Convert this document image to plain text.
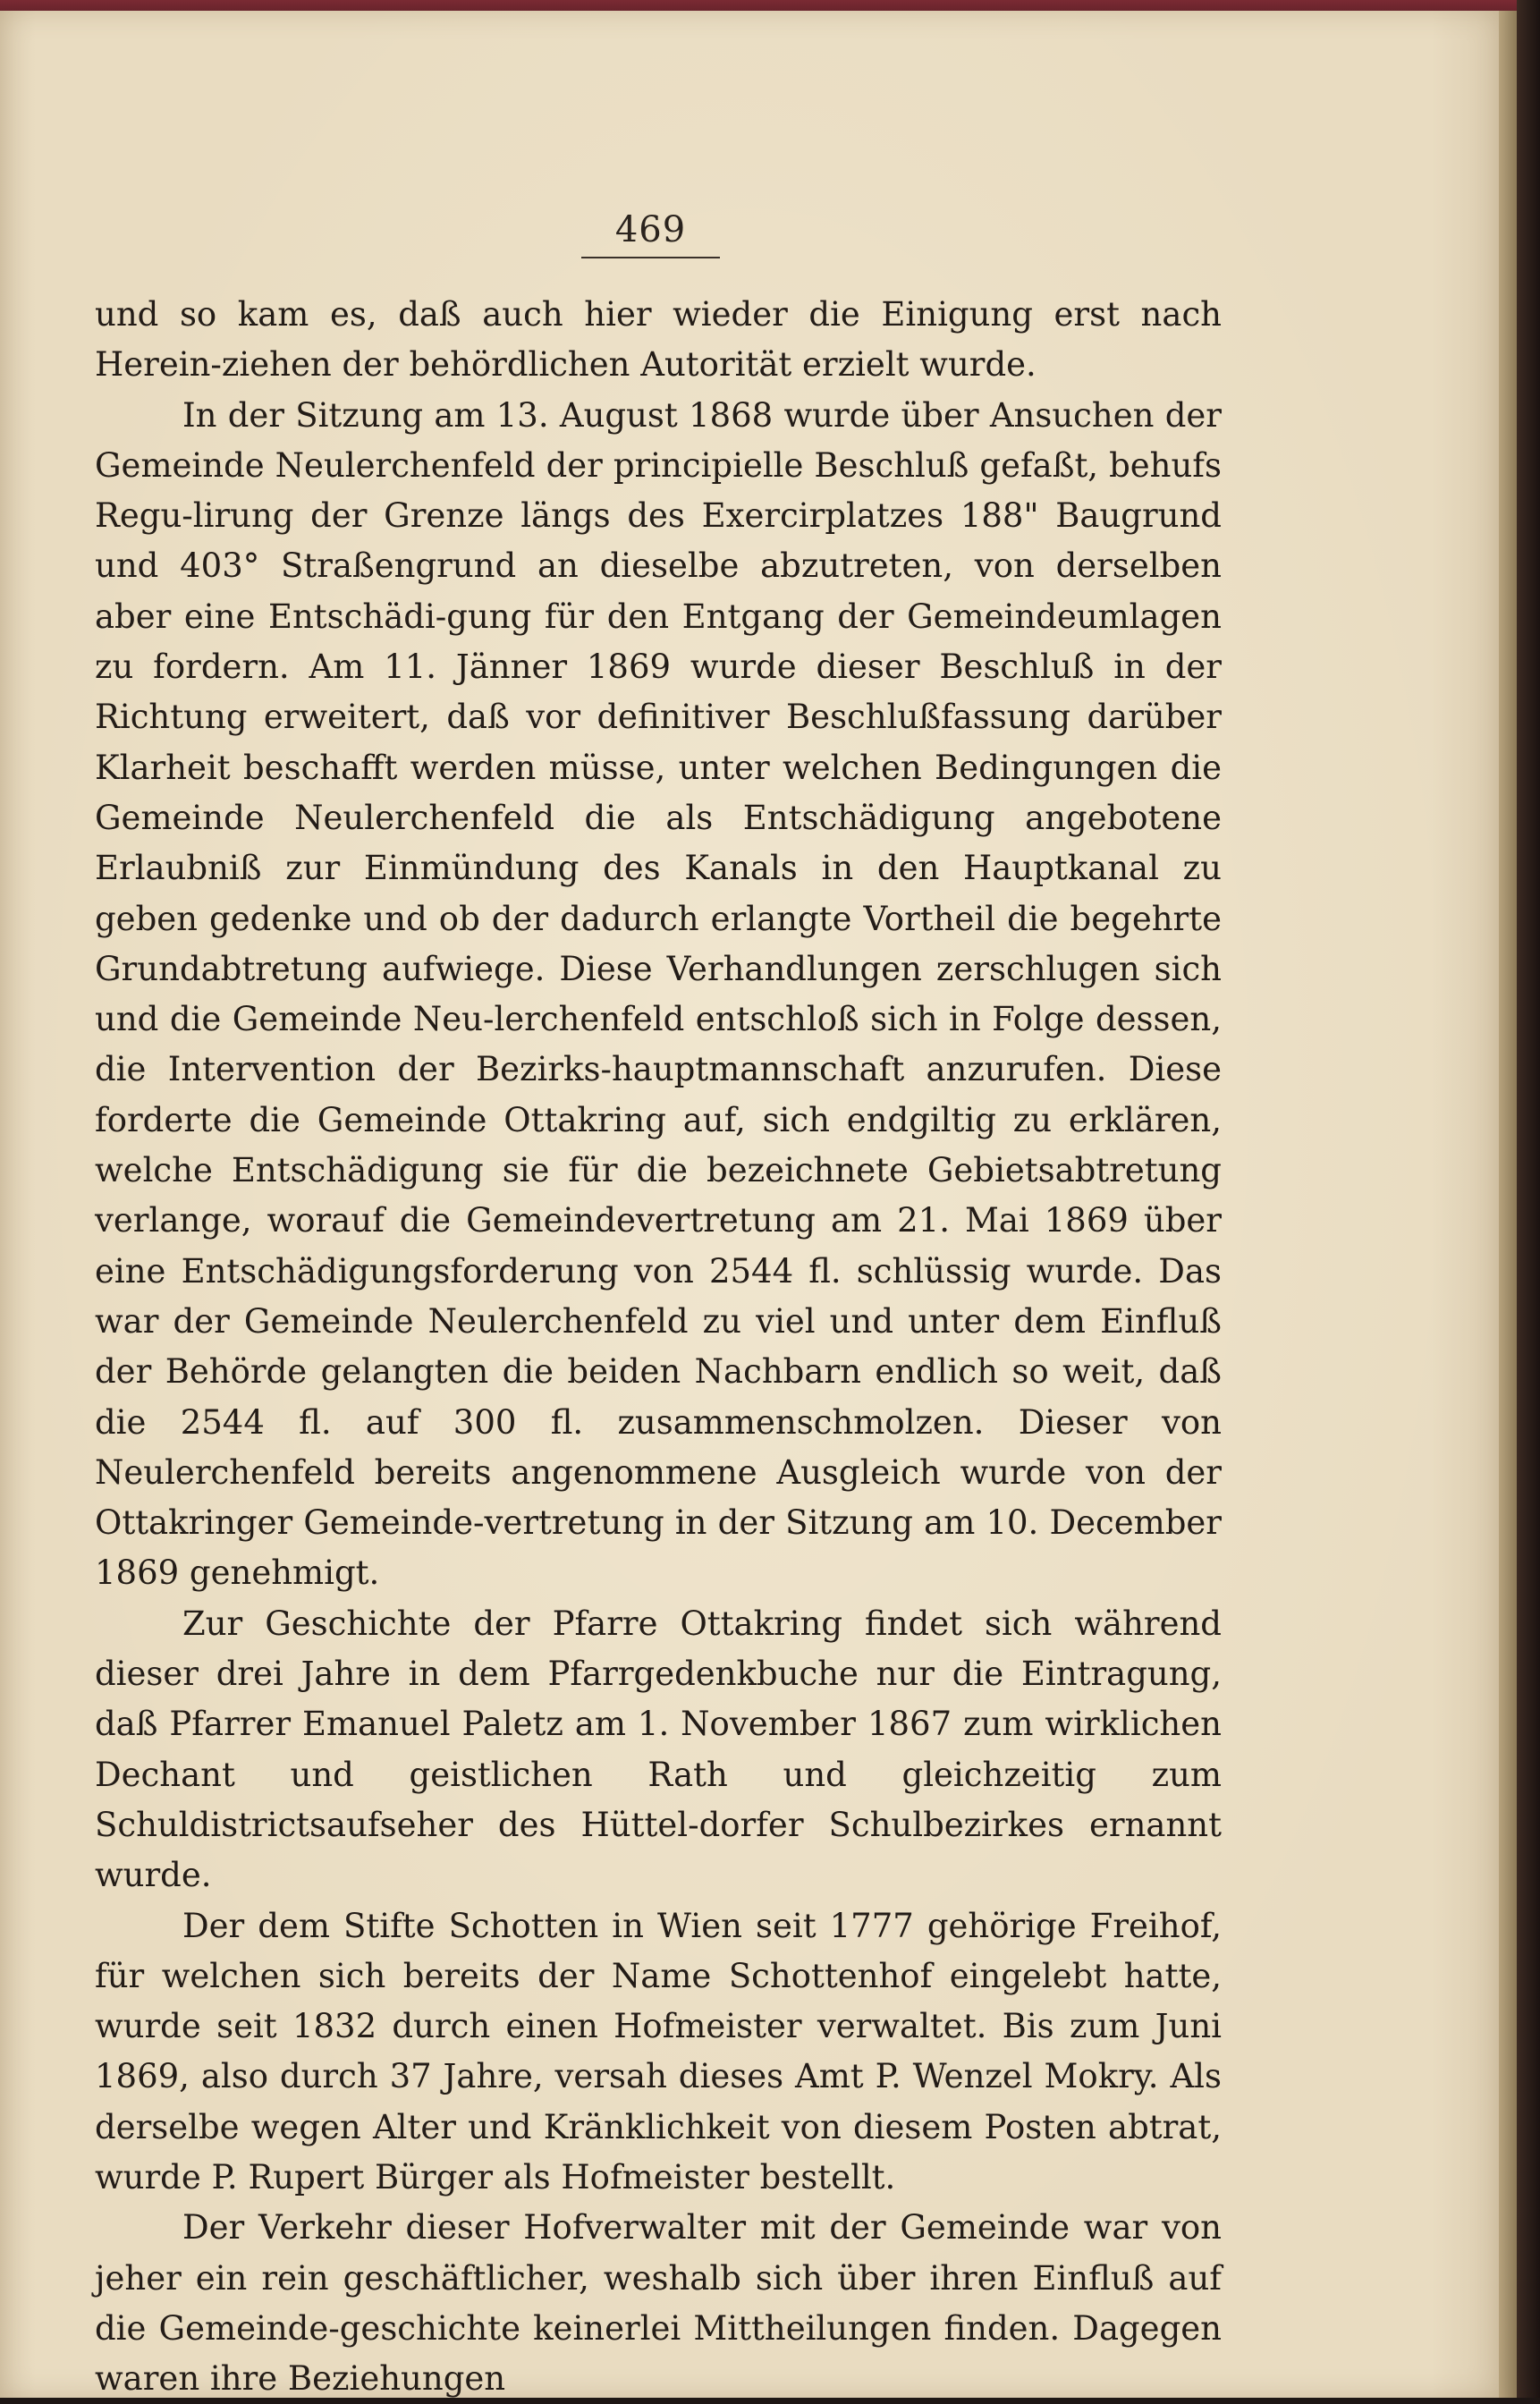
469

und so kam es, daß auch hier wieder die Einigung erst nach Herein-ziehen der behördlichen Autorität erzielt wurde.

In der Sitzung am 13. August 1868 wurde über Ansuchen der Gemeinde Neulerchenfeld der principielle Beschluß gefaßt, behufs Regu-lirung der Grenze längs des Exercirplatzes 188" Baugrund und 403° Straßengrund an dieselbe abzutreten, von derselben aber eine Entschädi-gung für den Entgang der Gemeindeumlagen zu fordern. Am 11. Jänner 1869 wurde dieser Beschluß in der Richtung erweitert, daß vor definitiver Beschlußfassung darüber Klarheit beschafft werden müsse, unter welchen Bedingungen die Gemeinde Neulerchenfeld die als Entschädigung angebotene Erlaubniß zur Einmündung des Kanals in den Hauptkanal zu geben gedenke und ob der dadurch erlangte Vortheil die begehrte Grundabtretung aufwiege. Diese Verhandlungen zerschlugen sich und die Gemeinde Neu-lerchenfeld entschloß sich in Folge dessen, die Intervention der Bezirks-hauptmannschaft anzurufen. Diese forderte die Gemeinde Ottakring auf, sich endgiltig zu erklären, welche Entschädigung sie für die bezeichnete Gebietsabtretung verlange, worauf die Gemeindevertretung am 21. Mai 1869 über eine Entschädigungsforderung von 2544 fl. schlüssig wurde. Das war der Gemeinde Neulerchenfeld zu viel und unter dem Einfluß der Behörde gelangten die beiden Nachbarn endlich so weit, daß die 2544 fl. auf 300 fl. zusammenschmolzen. Dieser von Neulerchenfeld bereits angenommene Ausgleich wurde von der Ottakringer Gemeinde-vertretung in der Sitzung am 10. December 1869 genehmigt.

Zur Geschichte der Pfarre Ottakring findet sich während dieser drei Jahre in dem Pfarrgedenkbuche nur die Eintragung, daß Pfarrer Emanuel Paletz am 1. November 1867 zum wirklichen Dechant und geistlichen Rath und gleichzeitig zum Schuldistrictsaufseher des Hüttel-dorfer Schulbezirkes ernannt wurde.

Der dem Stifte Schotten in Wien seit 1777 gehörige Freihof, für welchen sich bereits der Name Schottenhof eingelebt hatte, wurde seit 1832 durch einen Hofmeister verwaltet. Bis zum Juni 1869, also durch 37 Jahre, versah dieses Amt P. Wenzel Mokry. Als derselbe wegen Alter und Kränklichkeit von diesem Posten abtrat, wurde P. Rupert Bürger als Hofmeister bestellt.

Der Verkehr dieser Hofverwalter mit der Gemeinde war von jeher ein rein geschäftlicher, weshalb sich über ihren Einfluß auf die Gemeinde-geschichte keinerlei Mittheilungen finden. Dagegen waren ihre Beziehungen
